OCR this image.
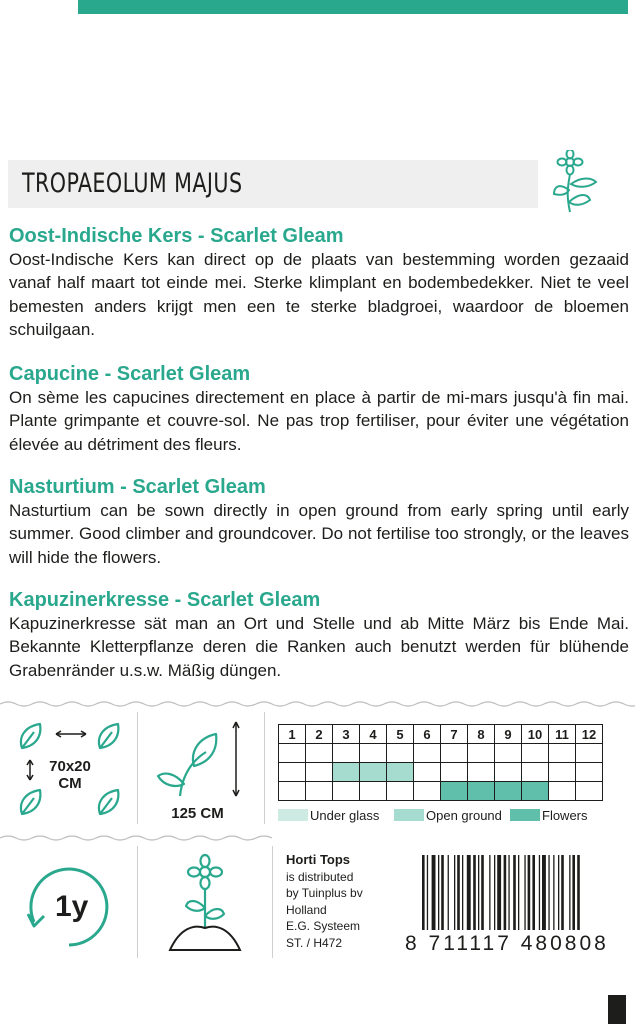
TROPAEOLUM MAJUS
Oost-Indische Kers - Scarlet Gleam

Oost-Indische Kers kan direct op de plaats van bestemming worden gezaaid vanaf half maart tot einde mei. Sterke klimplant en bodembedekker. Niet te veel bemesten anders krijgt men een te sterke bladgroei, waardoor de bloemen schuilgaan.

Capucine - Scarlet Gleam

On sème les capucines directement en place à partir de mi-mars jusqu'à fin mai. Plante grimpante et couvre-sol. Ne pas trop fertiliser, pour éviter une végétation élevée au détriment des fleurs.

Nasturtium - Scarlet Gleam

Nasturtium can be sown directly in open ground from early spring until early summer. Good climber and groundcover. Do not fertilise too strongly, or the leaves will hide the flowers.

Kapuzinerkresse - Scarlet Gleam

Kapuzinerkresse sät man an Ort und Stelle und ab Mitte März bis Ende Mai. Bekannte Kletterpflanze deren die Ranken auch benutzt werden für blühende Grabenränder u.s.w. Mäßig düngen.

70x20
CM
125 CM
1	2	3	4	5	6	7	8	9	10	11	12

Under glass	Open ground	Flowers
1y
Horti Tops
is distributed
by Tuinplus bv
Holland
E.G. Systeem
ST. / H472	8 711117 480808
